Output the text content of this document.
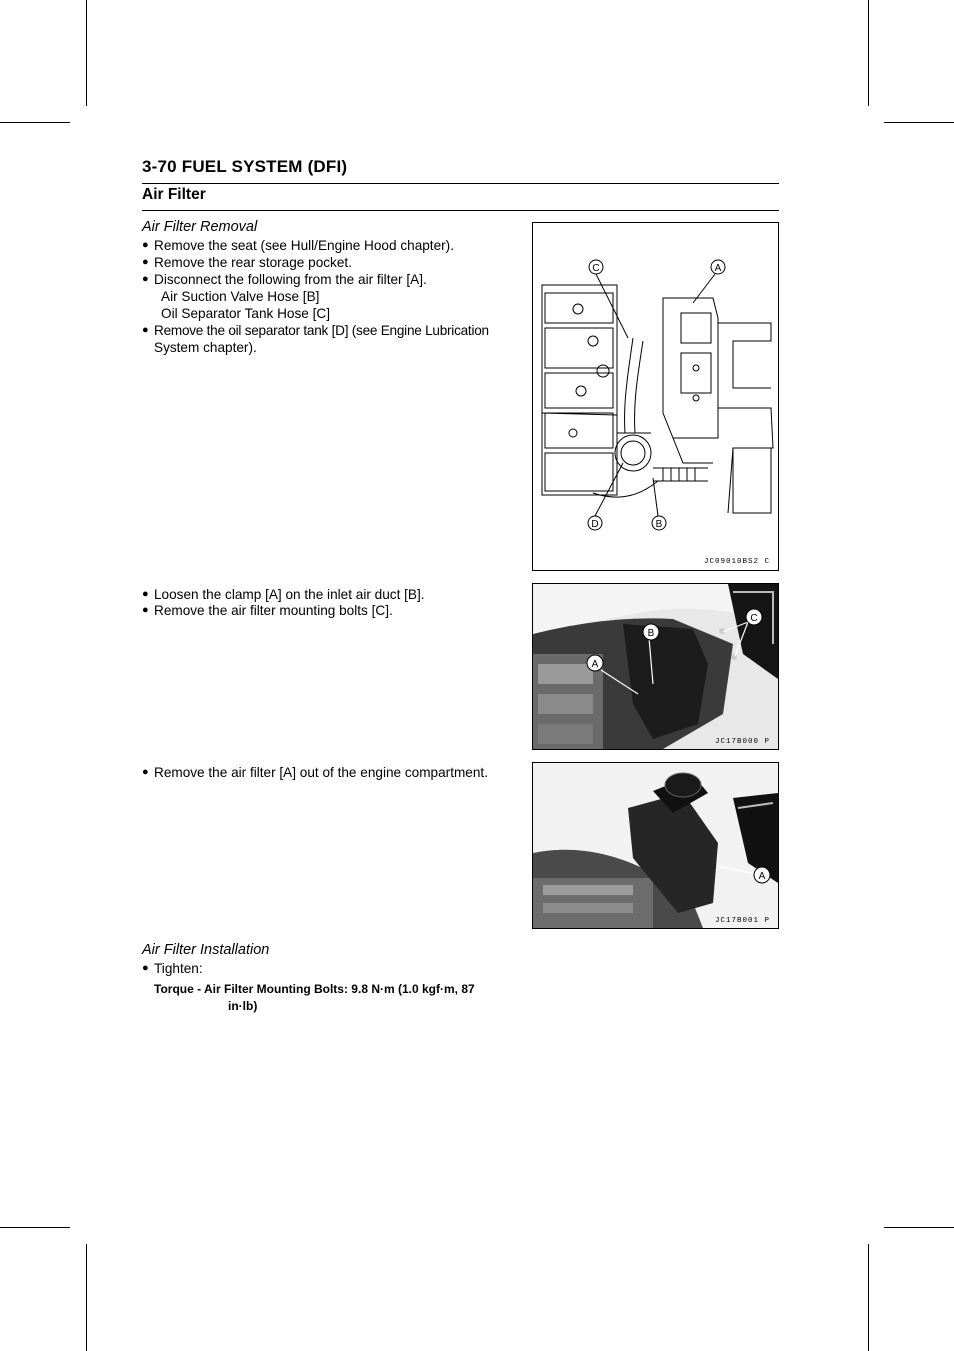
3-70 FUEL SYSTEM (DFI)
Air Filter
Air Filter Removal
● Remove the seat (see Hull/Engine Hood chapter).
● Remove the rear storage pocket.
● Disconnect the following from the air filter [A].
Air Suction Valve Hose [B]
Oil Separator Tank Hose [C]
● Remove the oil separator tank [D] (see Engine Lubrication
System chapter).
● Loosen the clamp [A] on the inlet air duct [B].
● Remove the air filter mounting bolts [C].
● Remove the air filter [A] out of the engine compartment.
Air Filter Installation
● Tighten:
Torque - Air Filter Mounting Bolts: 9.8 N·m (1.0 kgf·m, 87
in·lb)
C	A
D	B
JC09010BS2 C
B
A
C
JC17B000 P
A
JC17B001 P
